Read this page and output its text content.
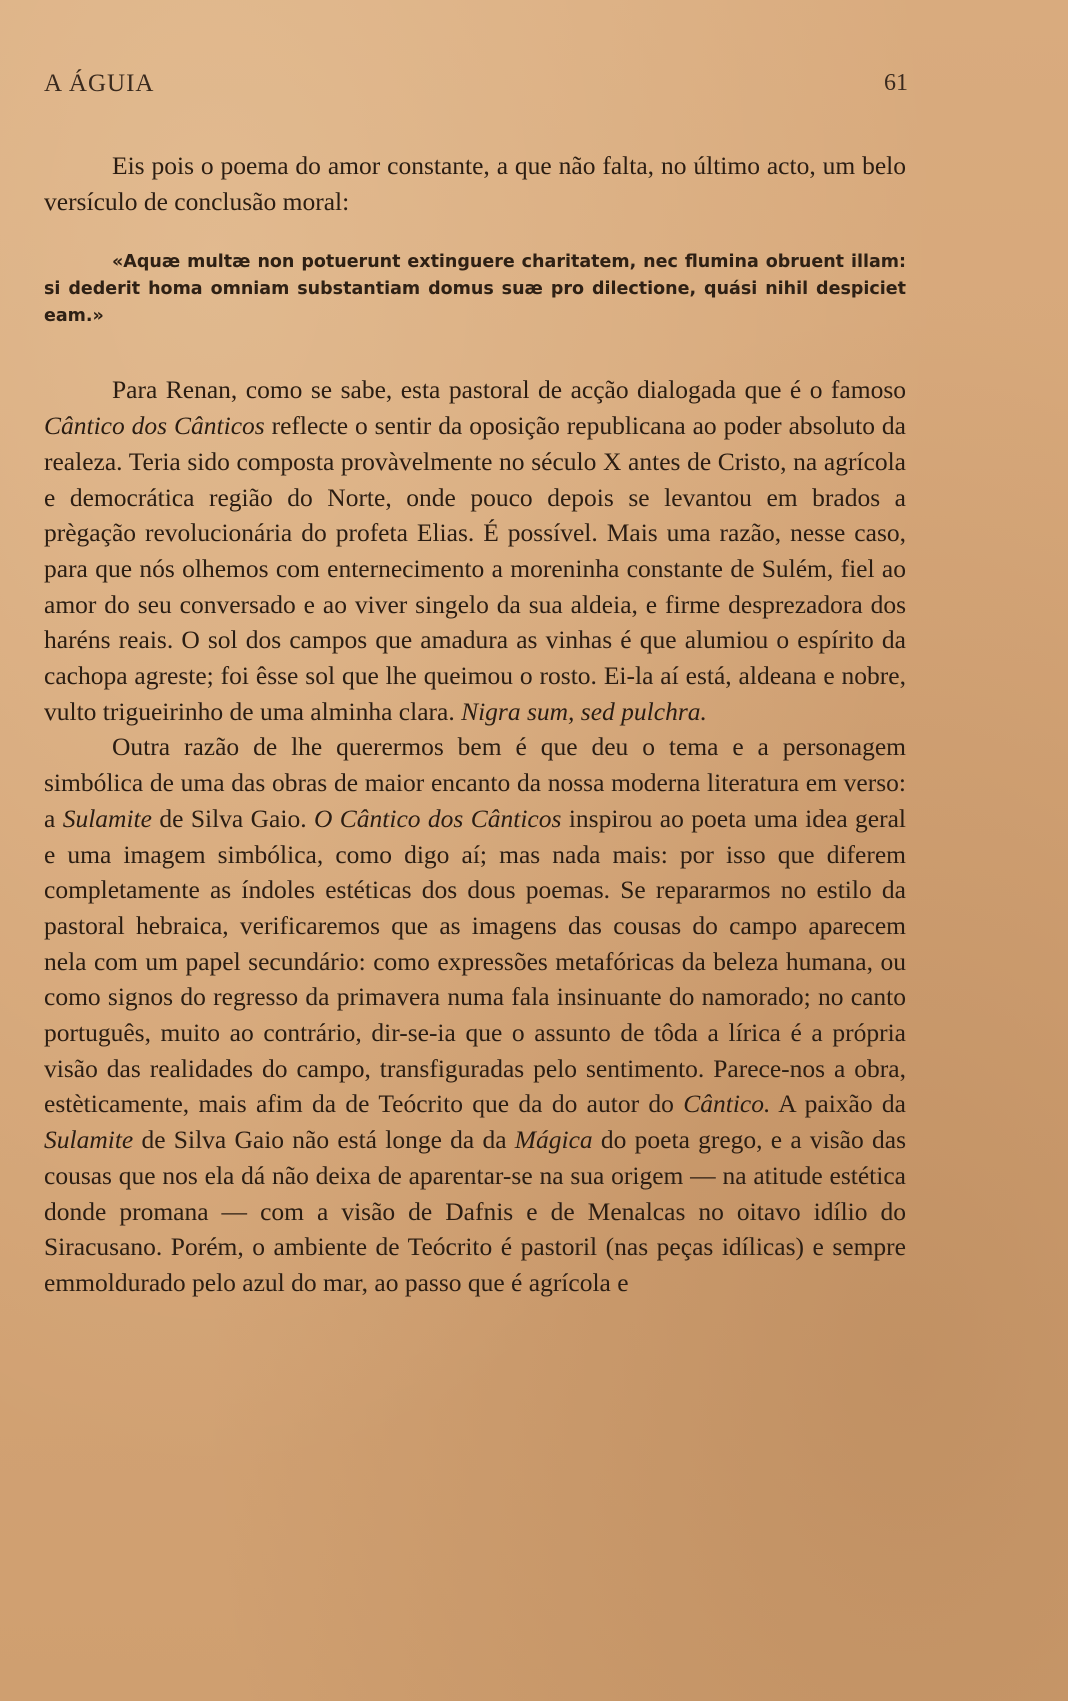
A ÁGUIA	61

Eis pois o poema do amor constante, a que não falta, no último acto, um belo versículo de conclusão moral:

«Aquæ multæ non potuerunt extinguere charitatem, nec flumina obruent illam: si dederit homa omniam substantiam domus suæ pro dilectione, quási nihil despiciet eam.»

Para Renan, como se sabe, esta pastoral de acção dialogada que é o famoso Cântico dos Cânticos reflecte o sentir da oposição republicana ao poder absoluto da realeza. Teria sido composta provàvelmente no século X antes de Cristo, na agrícola e democrática região do Norte, onde pouco depois se levantou em brados a prègação revolucionária do profeta Elias. É possível. Mais uma razão, nesse caso, para que nós olhemos com enternecimento a moreninha constante de Sulém, fiel ao amor do seu conversado e ao viver singelo da sua aldeia, e firme desprezadora dos haréns reais. O sol dos campos que amadura as vinhas é que alumiou o espírito da cachopa agreste; foi êsse sol que lhe queimou o rosto. Ei-la aí está, aldeana e nobre, vulto trigueirinho de uma alminha clara. Nigra sum, sed pulchra.

Outra razão de lhe querermos bem é que deu o tema e a personagem simbólica de uma das obras de maior encanto da nossa moderna literatura em verso: a Sulamite de Silva Gaio. O Cântico dos Cânticos inspirou ao poeta uma idea geral e uma imagem simbólica, como digo aí; mas nada mais: por isso que diferem completamente as índoles estéticas dos dous poemas. Se repararmos no estilo da pastoral hebraica, verificaremos que as imagens das cousas do campo aparecem nela com um papel secundário: como expressões metafóricas da beleza humana, ou como signos do regresso da primavera numa fala insinuante do namorado; no canto português, muito ao contrário, dir-se-ia que o assunto de tôda a lírica é a própria visão das realidades do campo, transfiguradas pelo sentimento. Parece-nos a obra, estèticamente, mais afim da de Teócrito que da do autor do Cântico. A paixão da Sulamite de Silva Gaio não está longe da da Mágica do poeta grego, e a visão das cousas que nos ela dá não deixa de aparentar-se na sua origem — na atitude estética donde promana — com a visão de Dafnis e de Menalcas no oitavo idílio do Siracusano. Porém, o ambiente de Teócrito é pastoril (nas peças idílicas) e sempre emmoldurado pelo azul do mar, ao passo que é agrícola e
